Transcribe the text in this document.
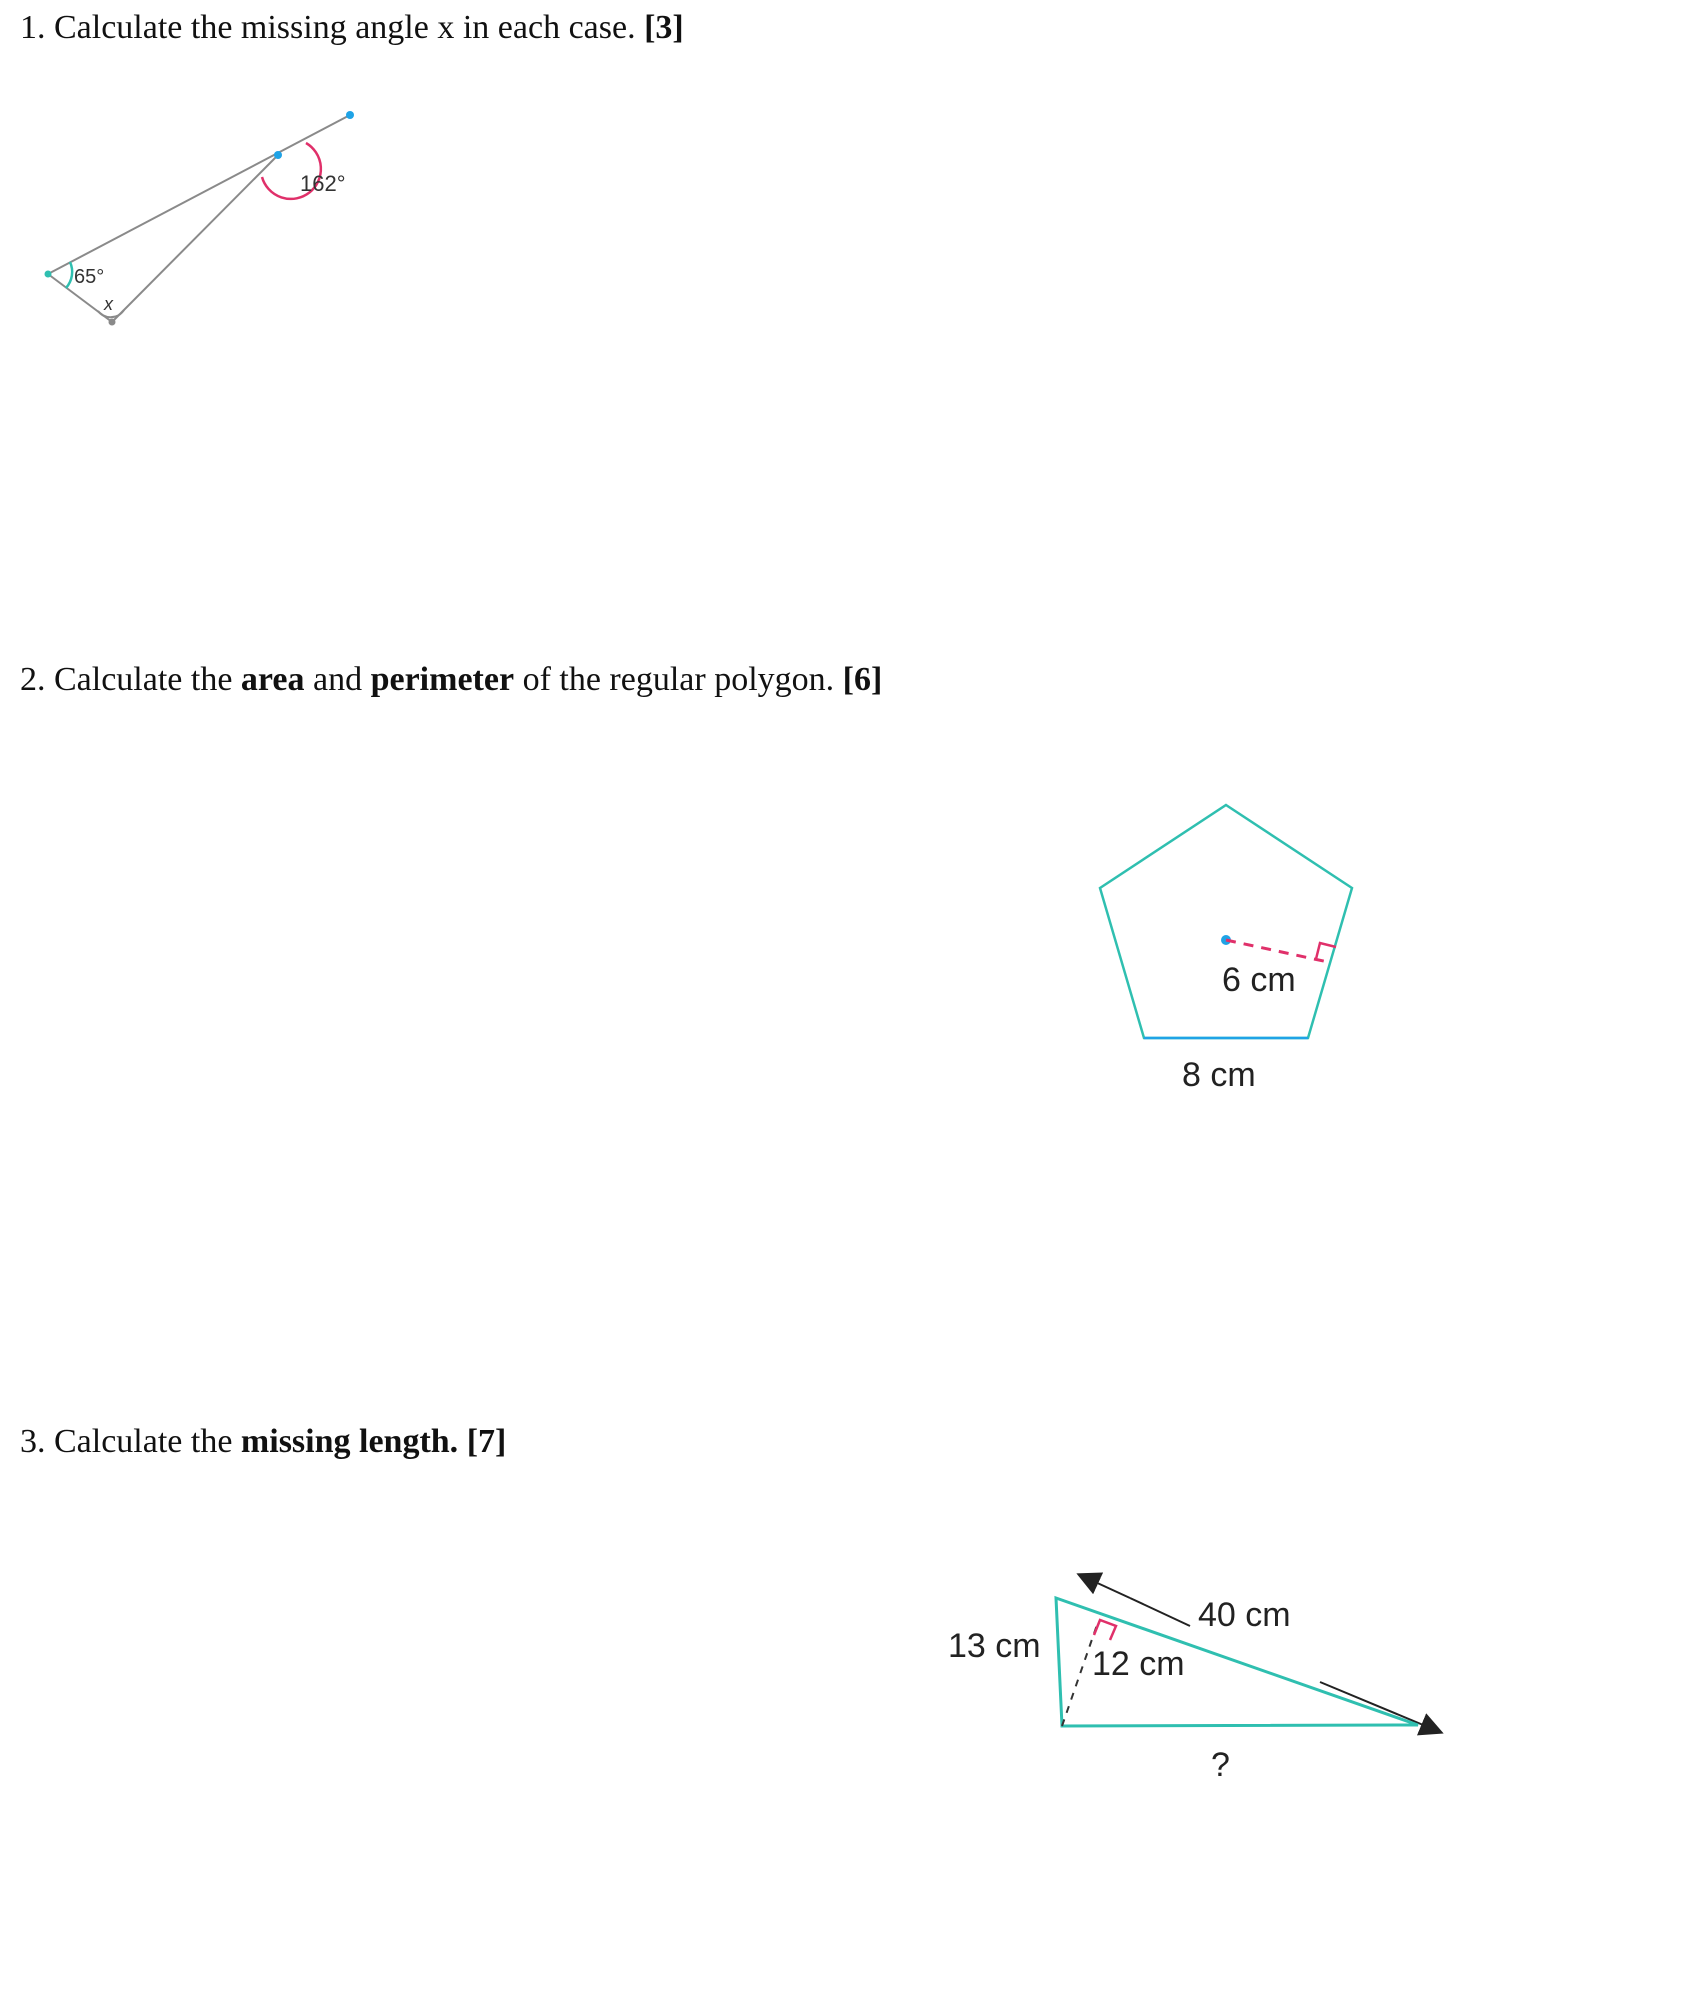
1. Calculate the missing angle x in each case. [3]
162°
65°
x
2. Calculate the area and perimeter of the regular polygon. [6]
6 cm
8 cm
3. Calculate the missing length. [7]
40 cm
13 cm 12 cm
?
